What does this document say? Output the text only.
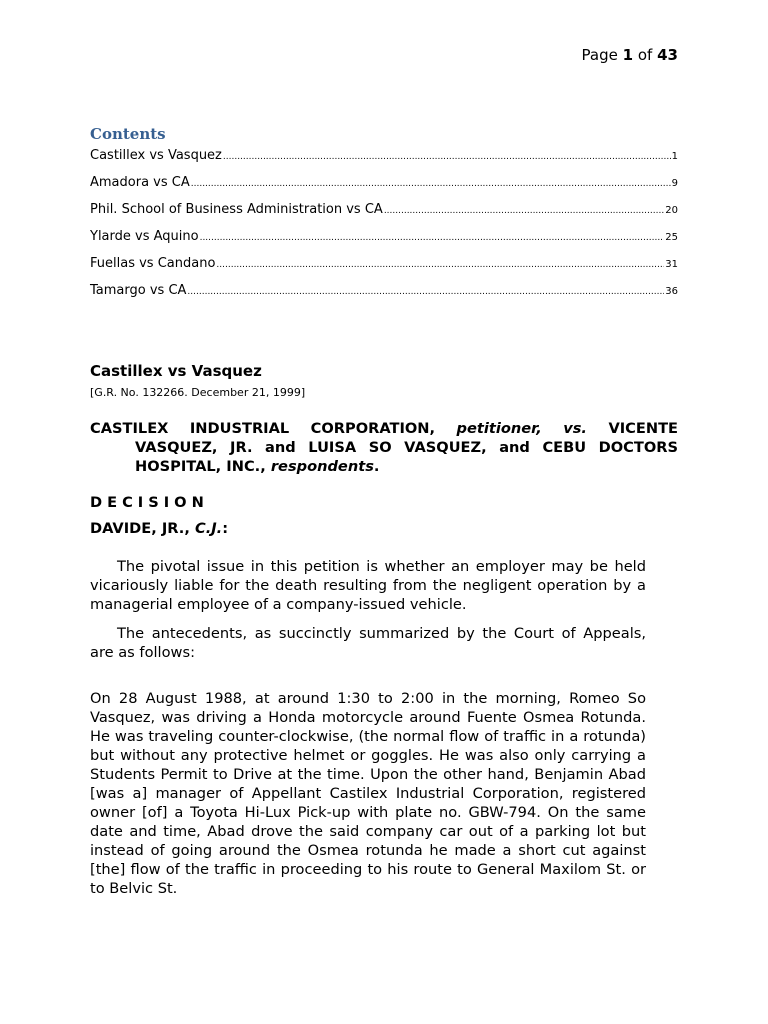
Page 1 of 43
Contents
Castillex vs Vasquez .....	1
Amadora vs CA .....	9
Phil. School of Business Administration vs CA .....	20
Ylarde vs Aquino .....	25
Fuellas vs Candano .....	31
Tamargo vs CA .....	36
Castillex vs Vasquez
[G.R. No. 132266. December 21, 1999]
CASTILEX INDUSTRIAL CORPORATION, petitioner, vs. VICENTE VASQUEZ, JR. and LUISA SO VASQUEZ, and CEBU DOCTORS HOSPITAL, INC., respondents.
DECISION
DAVIDE, JR., C.J.:

The pivotal issue in this petition is whether an employer may be held vicariously liable for the death resulting from the negligent operation by a managerial employee of a company-issued vehicle.

The antecedents, as succinctly summarized by the Court of Appeals, are as follows:

On 28 August 1988, at around 1:30 to 2:00 in the morning, Romeo So Vasquez, was driving a Honda motorcycle around Fuente Osmea Rotunda. He was traveling counter-clockwise, (the normal flow of traffic in a rotunda) but without any protective helmet or goggles. He was also only carrying a Students Permit to Drive at the time. Upon the other hand, Benjamin Abad [was a] manager of Appellant Castilex Industrial Corporation, registered owner [of] a Toyota Hi-Lux Pick-up with plate no. GBW-794. On the same date and time, Abad drove the said company car out of a parking lot but instead of going around the Osmea rotunda he made a short cut against [the] flow of the traffic in proceeding to his route to General Maxilom St. or to Belvic St.
